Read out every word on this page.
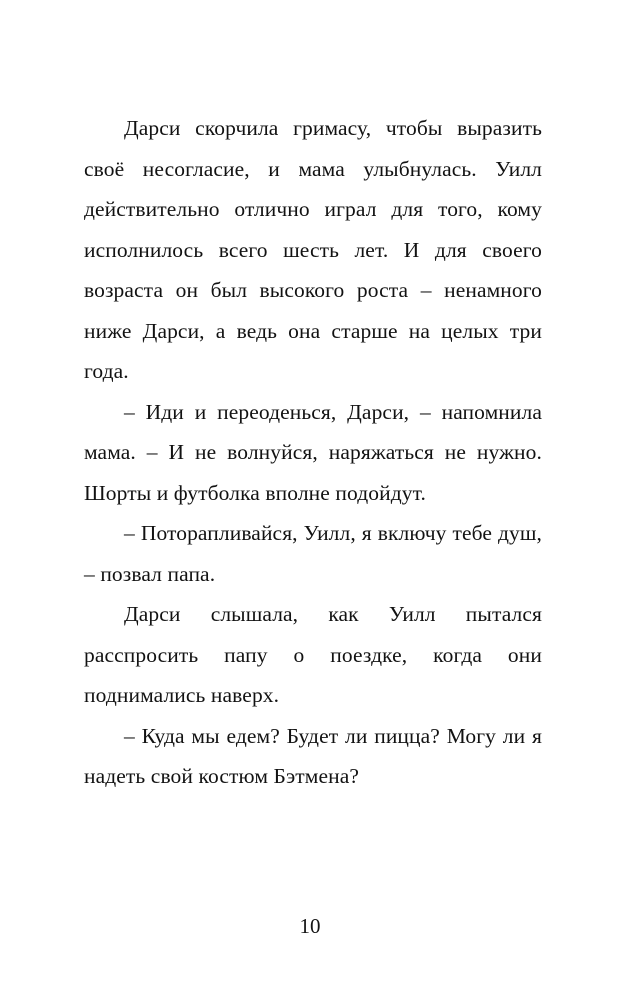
Дарси скорчила гримасу, чтобы выразить своё несогласие, и мама улыбнулась. Уилл действительно отлично играл для того, кому исполнилось всего шесть лет. И для своего возраста он был высокого роста – ненамного ниже Дарси, а ведь она старше на целых три года.

– Иди и переоденься, Дарси, – напомнила мама. – И не волнуйся, наряжаться не нужно. Шорты и футболка вполне подойдут.

– Поторапливайся, Уилл, я включу тебе душ, – позвал папа.

Дарси слышала, как Уилл пытался расспросить папу о поездке, когда они поднимались наверх.

– Куда мы едем? Будет ли пицца? Могу ли я надеть свой костюм Бэтмена?

10
